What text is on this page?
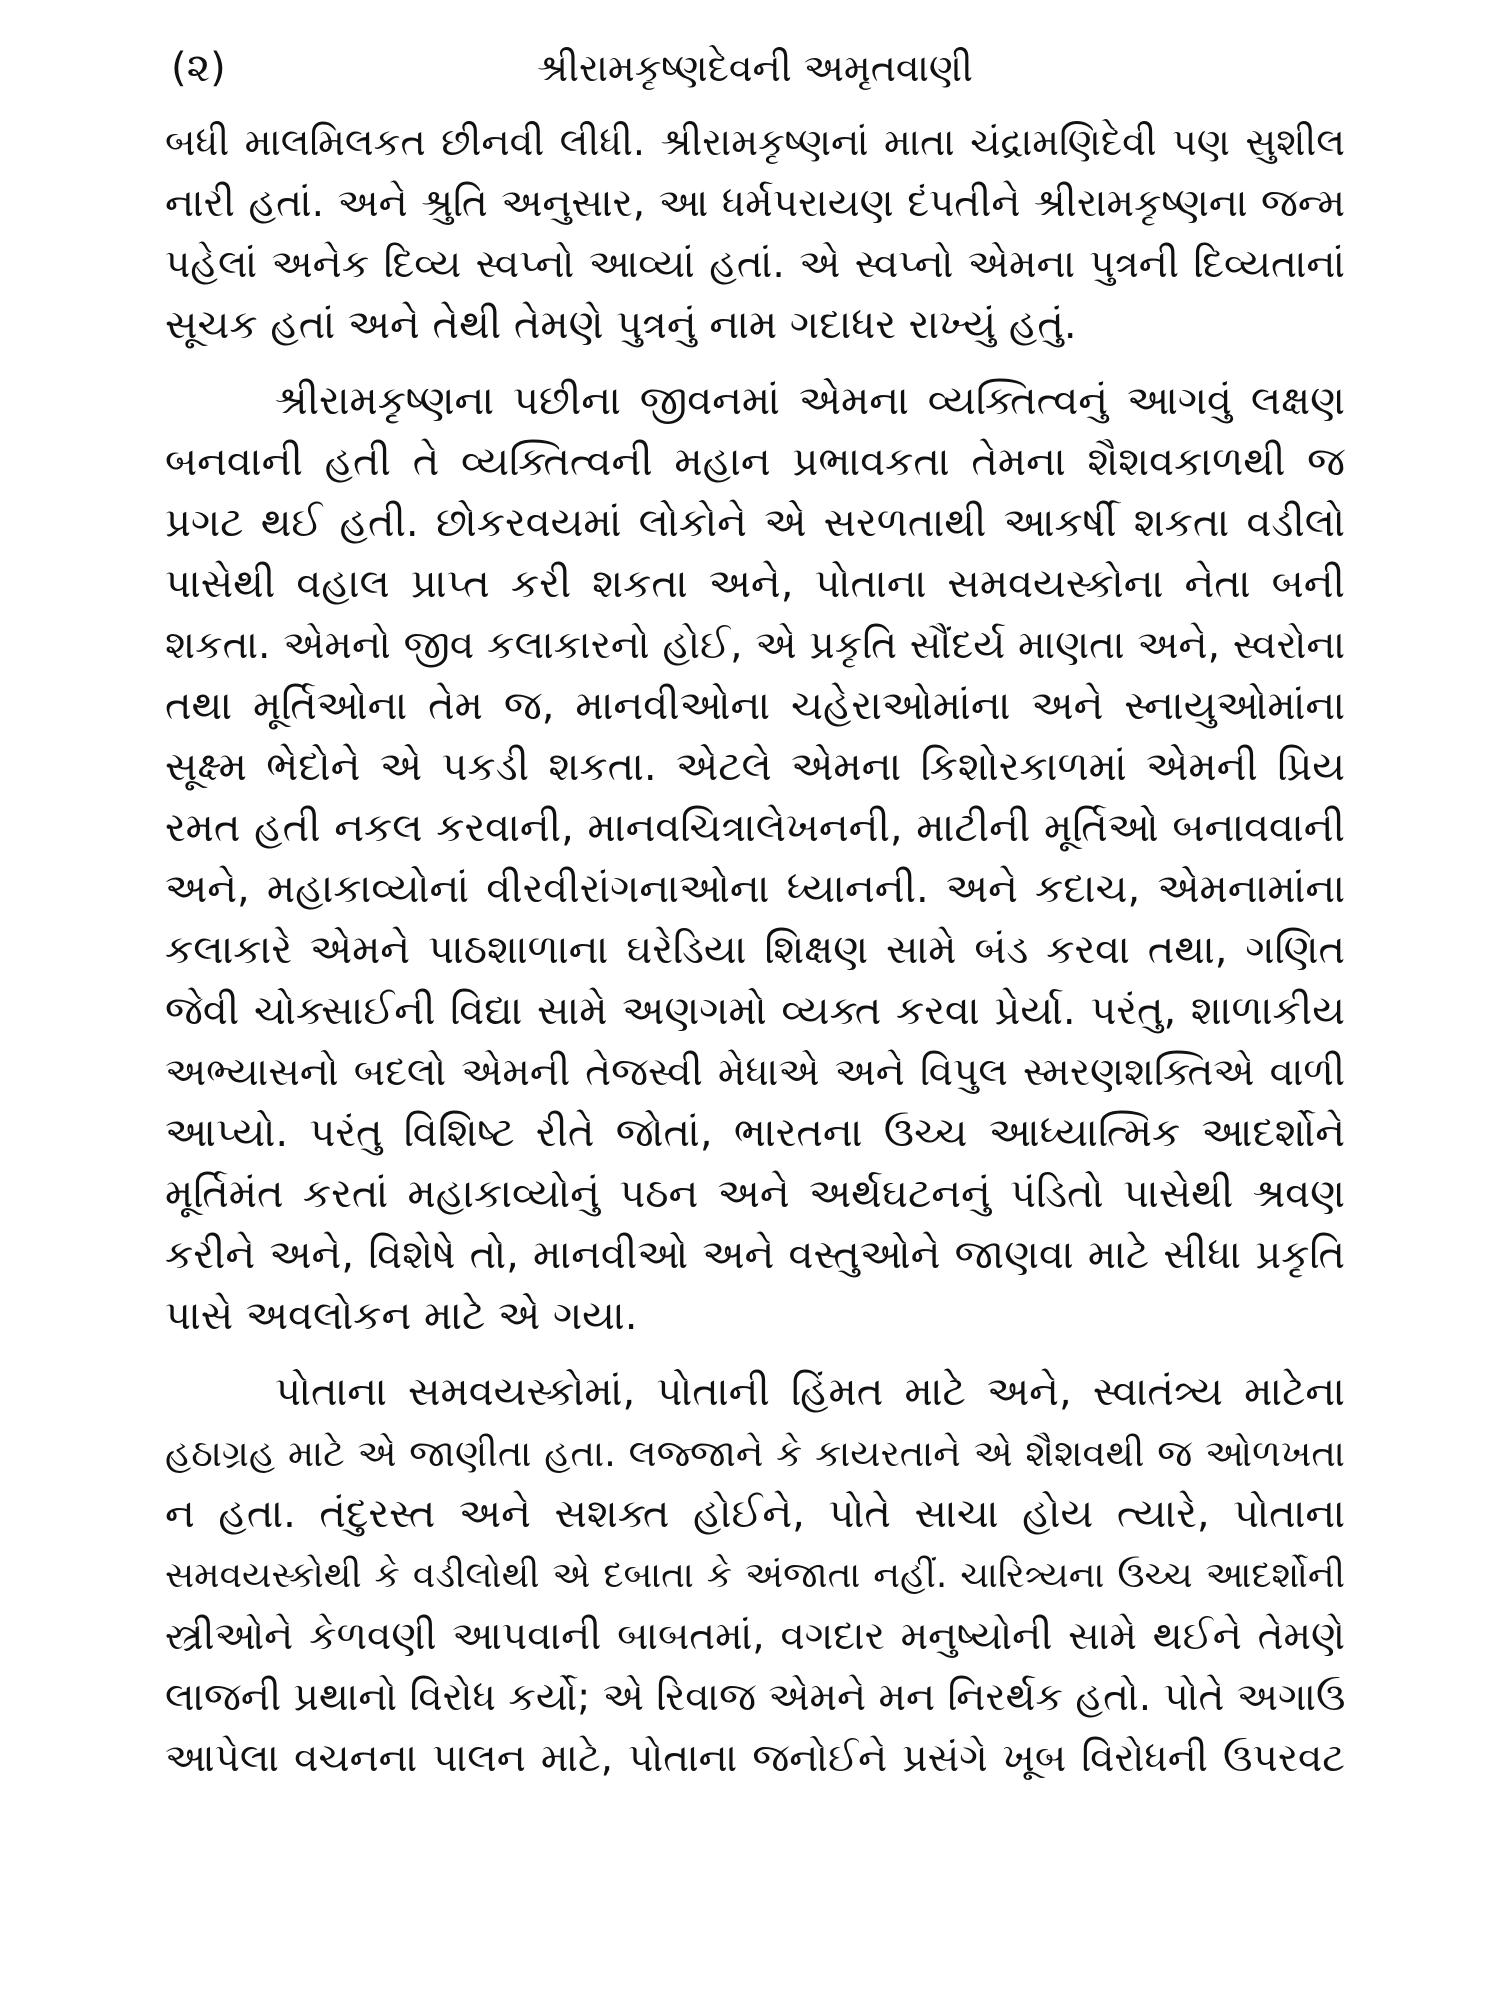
(૨)	શ્રીરામકૃષ્ણદેવની અમૃતવાણી
બધી માલમિલકત છીનવી લીધી. શ્રીરામકૃષ્ણનાં માતા ચંદ્રામણિદેવી પણ સુશીલ
નારી હતાં. અને શ્રુતિ અનુસાર, આ ધર્મપરાયણ દંપતીને શ્રીરામકૃષ્ણના જન્મ
પહેલાં અનેક દિવ્ય સ્વપ્નો આવ્યાં હતાં. એ સ્વપ્નો એમના પુત્રની દિવ્યતાનાં
સૂચક હતાં અને તેથી તેમણે પુત્રનું નામ ગદાધર રાખ્યું હતું.
શ્રીરામકૃષ્ણના પછીના જીવનમાં એમના વ્યક્તિત્વનું આગવું લક્ષણ
બનવાની હતી તે વ્યક્તિત્વની મહાન પ્રભાવકતા તેમના શૈશવકાળથી જ
પ્રગટ થઈ હતી. છોકરવયમાં લોકોને એ સરળતાથી આકર્ષી શકતા વડીલો
પાસેથી વહાલ પ્રાપ્ત કરી શકતા અને, પોતાના સમવયસ્કોના નેતા બની
શકતા. એમનો જીવ કલાકારનો હોઈ, એ પ્રકૃતિ સૌંદર્ય માણતા અને, સ્વરોના
તથા મૂર્તિઓના તેમ જ, માનવીઓના ચહેરાઓમાંના અને સ્નાયુઓમાંના
સૂક્ષ્મ ભેદોને એ પકડી શકતા. એટલે એમના કિશોરકાળમાં એમની પ્રિય
રમત હતી નકલ કરવાની, માનવચિત્રાલેખનની, માટીની મૂર્તિઓ બનાવવાની
અને, મહાકાવ્યોનાં વીરવીરાંગનાઓના ધ્યાનની. અને કદાચ, એમનામાંના
કલાકારે એમને પાઠશાળાના ઘરેડિયા શિક્ષણ સામે બંડ કરવા તથા, ગણિત
જેવી ચોક્સાઈની વિદ્યા સામે અણગમો વ્યક્ત કરવા પ્રેર્યા. પરંતુ, શાળાકીય
અભ્યાસનો બદલો એમની તેજસ્વી મેધાએ અને વિપુલ સ્મરણશક્તિએ વાળી
આપ્યો. પરંતુ વિશિષ્ટ રીતે જોતાં, ભારતના ઉચ્ચ આધ્યાત્મિક આદર્શોને
મૂર્તિમંત કરતાં મહાકાવ્યોનું પઠન અને અર્થઘટનનું પંડિતો પાસેથી શ્રવણ
કરીને અને, વિશેષે તો, માનવીઓ અને વસ્તુઓને જાણવા માટે સીધા પ્રકૃતિ
પાસે અવલોકન માટે એ ગયા.
પોતાના સમવયસ્કોમાં, પોતાની હિંમત માટે અને, સ્વાતંત્ર્ય માટેના
હઠાગ્રહ માટે એ જાણીતા હતા. લજ્જાને કે કાયરતાને એ શૈશવથી જ ઓળખતા
ન હતા. તંદુરસ્ત અને સશક્ત હોઈને, પોતે સાચા હોય ત્યારે, પોતાના
સમવયસ્કોથી કે વડીલોથી એ દબાતા કે અંજાતા નહીં. ચારિત્ર્યના ઉચ્ચ આદર્શોની
સ્ત્રીઓને કેળવણી આપવાની બાબતમાં, વગદાર મનુષ્યોની સામે થઈને તેમણે
લાજની પ્રથાનો વિરોધ કર્યો; એ રિવાજ એમને મન નિરર્થક હતો. પોતે અગાઉ
આપેલા વચનના પાલન માટે, પોતાના જનોઈને પ્રસંગે ખૂબ વિરોધની ઉપરવટ
